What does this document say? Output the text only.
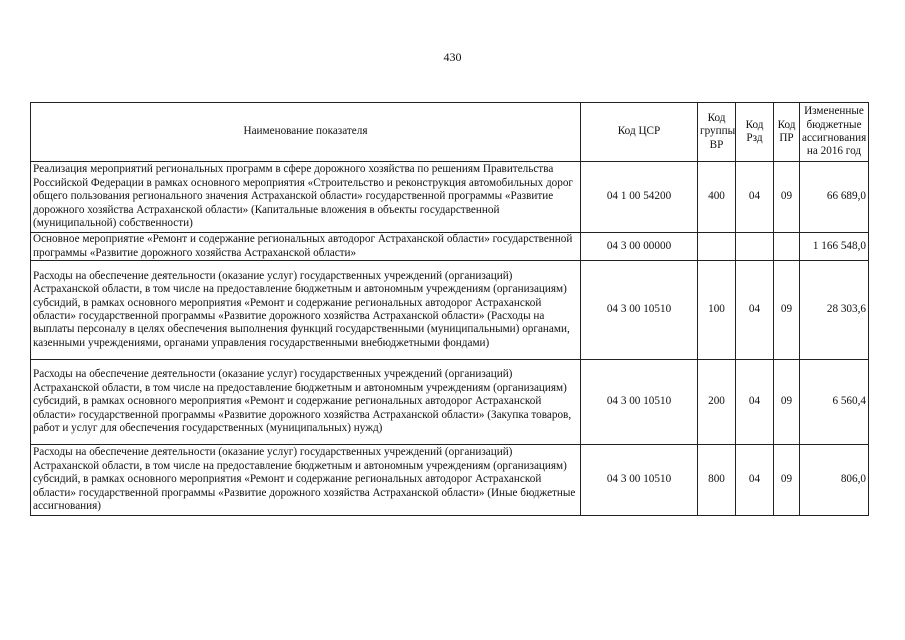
430
Наименование показателя	Код ЦСР	Код группы ВР	Код Рзд	Код ПР	Измененные бюджетные ассигнования на 2016 год
Реализация мероприятий региональных программ в сфере дорожного хозяйства по решениям Правительства Российской Федерации в рамках основного мероприятия «Строительство и реконструкция автомобильных дорог общего пользования регионального значения Астраханской области» государственной программы «Развитие дорожного хозяйства Астраханской области» (Капитальные вложения в объекты государственной (муниципальной) собственности)	04 1 00 54200	400	04	09	66 689,0
Основное мероприятие «Ремонт и содержание региональных автодорог Астраханской области» государственной программы «Развитие дорожного хозяйства Астраханской области»	04 3 00 00000				1 166 548,0
Расходы на обеспечение деятельности (оказание услуг) государственных учреждений (организаций) Астраханской области, в том числе на предоставление бюджетным и автономным учреждениям (организациям) субсидий, в рамках основного мероприятия «Ремонт и содержание региональных автодорог Астраханской области» государственной программы «Развитие дорожного хозяйства Астраханской области» (Расходы на выплаты персоналу в целях обеспечения выполнения функций государственными (муниципальными) органами, казенными учреждениями, органами управления государственными внебюджетными фондами)	04 3 00 10510	100	04	09	28 303,6
Расходы на обеспечение деятельности (оказание услуг) государственных учреждений (организаций) Астраханской области, в том числе на предоставление бюджетным и автономным учреждениям (организациям) субсидий, в рамках основного мероприятия «Ремонт и содержание региональных автодорог Астраханской области» государственной программы «Развитие дорожного хозяйства Астраханской области» (Закупка товаров, работ и услуг для обеспечения государственных (муниципальных) нужд)	04 3 00 10510	200	04	09	6 560,4
Расходы на обеспечение деятельности (оказание услуг) государственных учреждений (организаций) Астраханской области, в том числе на предоставление бюджетным и автономным учреждениям (организациям) субсидий, в рамках основного мероприятия «Ремонт и содержание региональных автодорог Астраханской области» государственной программы «Развитие дорожного хозяйства Астраханской области» (Иные бюджетные ассигнования)	04 3 00 10510	800	04	09	806,0
